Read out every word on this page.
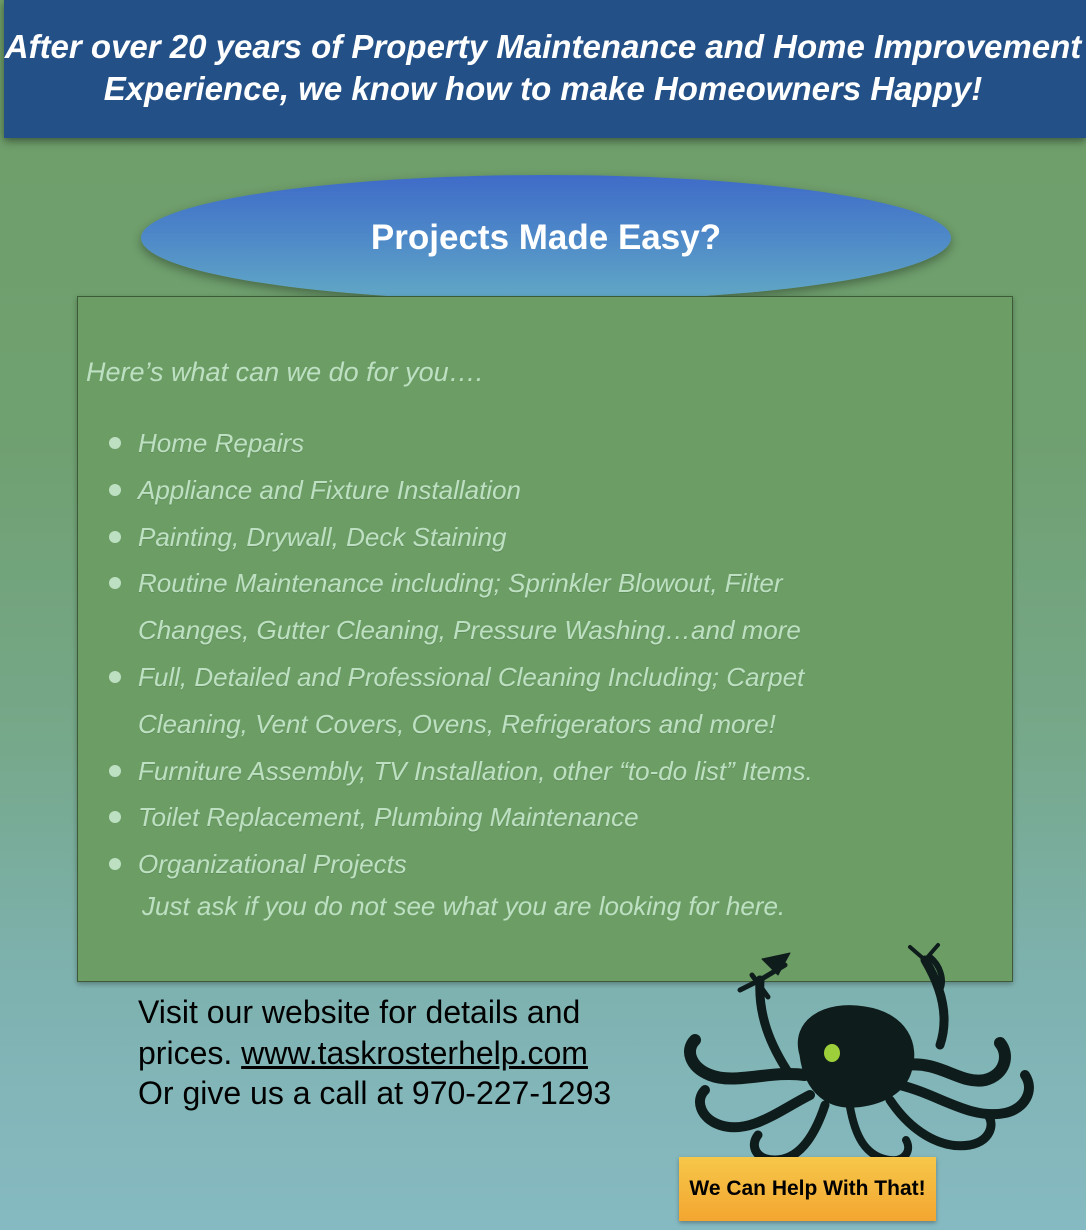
After over 20 years of Property Maintenance and Home Improvement
Experience, we know how to make Homeowners Happy!
Projects Made Easy?

Here’s what can we do for you….

Home Repairs
Appliance and Fixture Installation
Painting, Drywall, Deck Staining
Routine Maintenance including; Sprinkler Blowout, Filter
Changes, Gutter Cleaning, Pressure Washing…and more
Full, Detailed and Professional Cleaning Including; Carpet
Cleaning, Vent Covers, Ovens, Refrigerators and more!
Furniture Assembly, TV Installation, other “to-do list” Items.
Toilet Replacement, Plumbing Maintenance
Organizational Projects

Just ask if you do not see what you are looking for here.

Visit our website for details and
prices. www.taskrosterhelp.com
Or give us a call at 970-227-1293
We Can Help With That!
